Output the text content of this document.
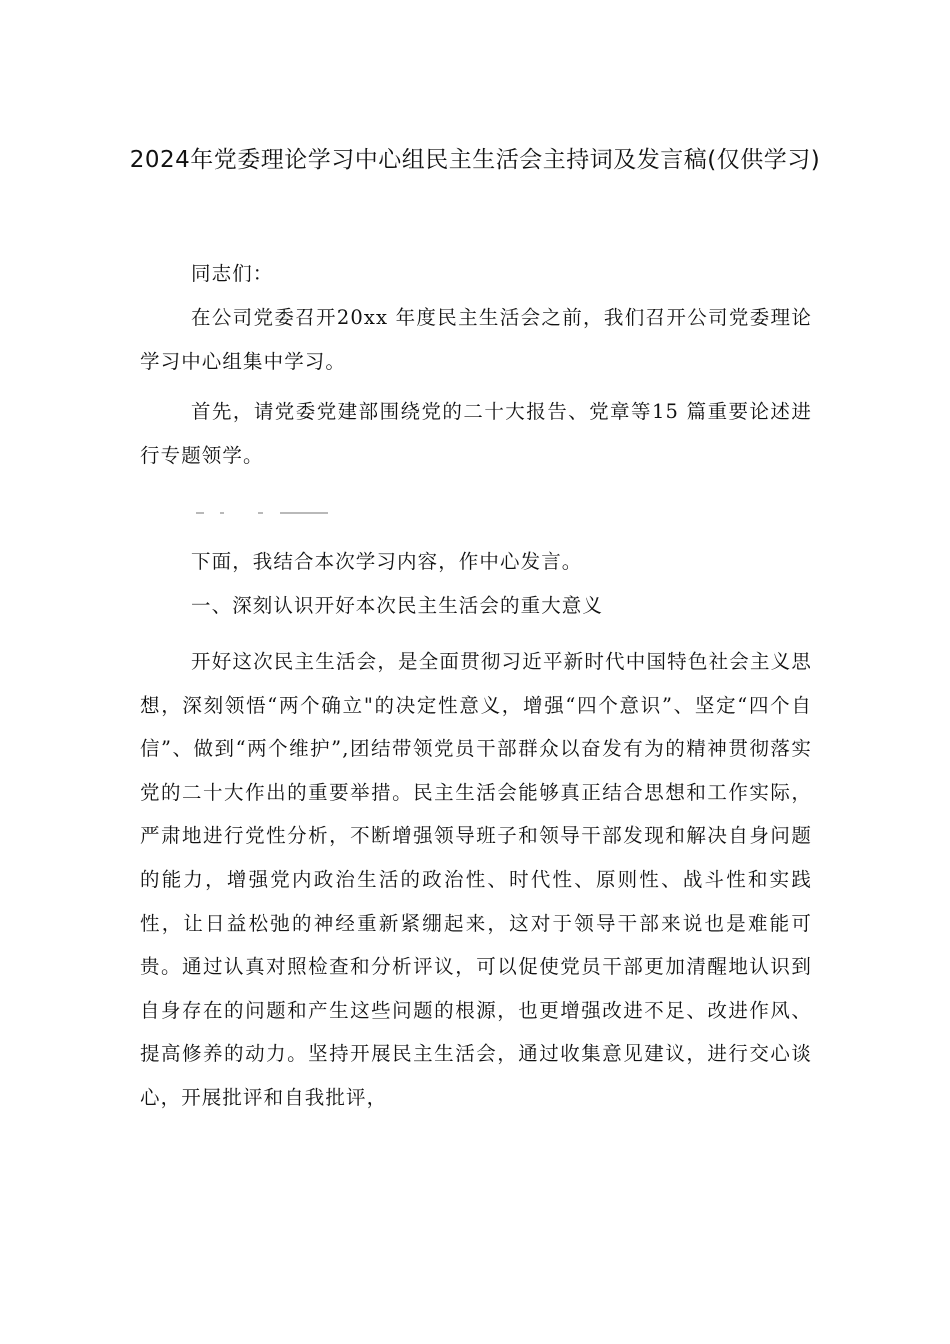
2024年党委理论学习中心组民主生活会主持词及发言稿(仅供学习)

同志们：

在公司党委召开20xx 年度民主生活会之前，我们召开公司党委理论学习中心组集中学习。

首先，请党委党建部围绕党的二十大报告、党章等15 篇重要论述进行专题领学。

下面，我结合本次学习内容，作中心发言。

一、深刻认识开好本次民主生活会的重大意义

开好这次民主生活会，是全面贯彻习近平新时代中国特色社会主义思想，深刻领悟“两个确立"的决定性意义，增强“四个意识”、坚定“四个自信”、做到“两个维护”,团结带领党员干部群众以奋发有为的精神贯彻落实党的二十大作出的重要举措。民主生活会能够真正结合思想和工作实际，严肃地进行党性分析，不断增强领导班子和领导干部发现和解决自身问题的能力，增强党内政治生活的政治性、时代性、原则性、战斗性和实践性，让日益松弛的神经重新紧绷起来，这对于领导干部来说也是难能可贵。通过认真对照检查和分析评议，可以促使党员干部更加清醒地认识到自身存在的问题和产生这些问题的根源，也更增强改进不足、改进作风、提高修养的动力。坚持开展民主生活会，通过收集意见建议，进行交心谈心，开展批评和自我批评，
